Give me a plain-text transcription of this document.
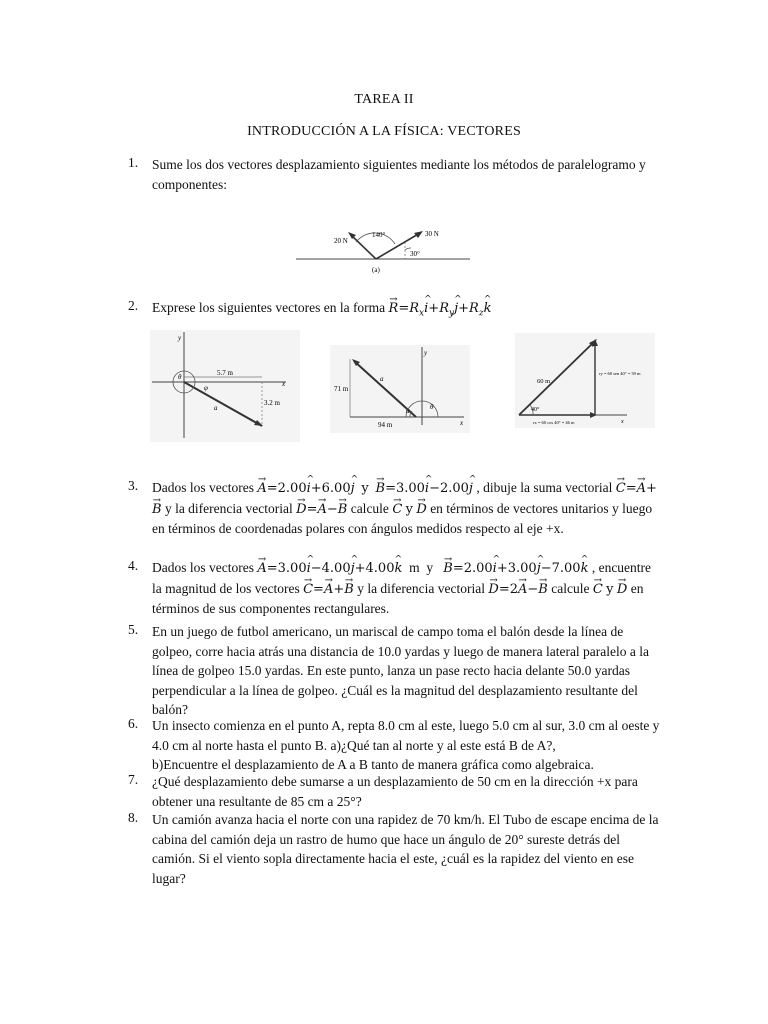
TAREA II
INTRODUCCIÓN A LA FÍSICA: VECTORES
1.	Sume los dos vectores desplazamiento siguientes mediante los métodos de paralelogramo y componentes:
20 N
30 N
140°
30°
(a)
2.	Exprese los siguientes vectores en la forma → $R=R_x\^{}$ $i+R_y\^{}$ $j+R_z\^{}$ k
y
x
5.7 m
3.2 m
θ
φ
a
y
x
71 m
94 m
α	θ
a	60 m
ry = 60 sen 40° = 39 m
rx = 60 cos 40° = 46 m
40°
x
3.	Dados los vectores → A=2.00^ i+6.00^ j y → B=3.00^ i−2.00^ j , dibuje la suma vectorial → C=→ A+→ B y la diferencia vectorial → D=→ A−→ B calcule → C y → D en términos de vectores unitarios y luego en términos de coordenadas polares con ángulos medidos respecto al eje +x.
4.	Dados los vectores → A=3.00^ i−4.00^ j+4.00^ k m  y   → B=2.00^ i+3.00^ j−7.00^ k , encuentre la magnitud de los vectores → C=→ A+→ B y la diferencia vectorial → D=2→ A−→ B calcule → C y → D en términos de sus componentes rectangulares.
5.	En un juego de futbol americano, un mariscal de campo toma el balón desde la línea de golpeo, corre hacia atrás una distancia de 10.0 yardas y luego de manera lateral paralelo a la línea de golpeo 15.0 yardas. En este punto, lanza un pase recto hacia delante 50.0 yardas perpendicular a la línea de golpeo. ¿Cuál es la magnitud del desplazamiento resultante del balón?
6.	Un insecto comienza en el punto A, repta 8.0 cm al este, luego 5.0 cm al sur, 3.0 cm al oeste y 4.0 cm al norte hasta el punto B. a)¿Qué tan al norte y al este está B de A?,
b)Encuentre el desplazamiento de A a B tanto de manera gráfica como algebraica.
7.	¿Qué desplazamiento debe sumarse a un desplazamiento de 50 cm en la dirección +x para obtener una resultante de 85 cm a 25°?
8.	Un camión avanza hacia el norte con una rapidez de 70 km/h. El Tubo de escape encima de la cabina del camión deja un rastro de humo que hace un ángulo de 20° sureste detrás del camión. Si el viento sopla directamente hacia el este, ¿cuál es la rapidez del viento en ese lugar?
